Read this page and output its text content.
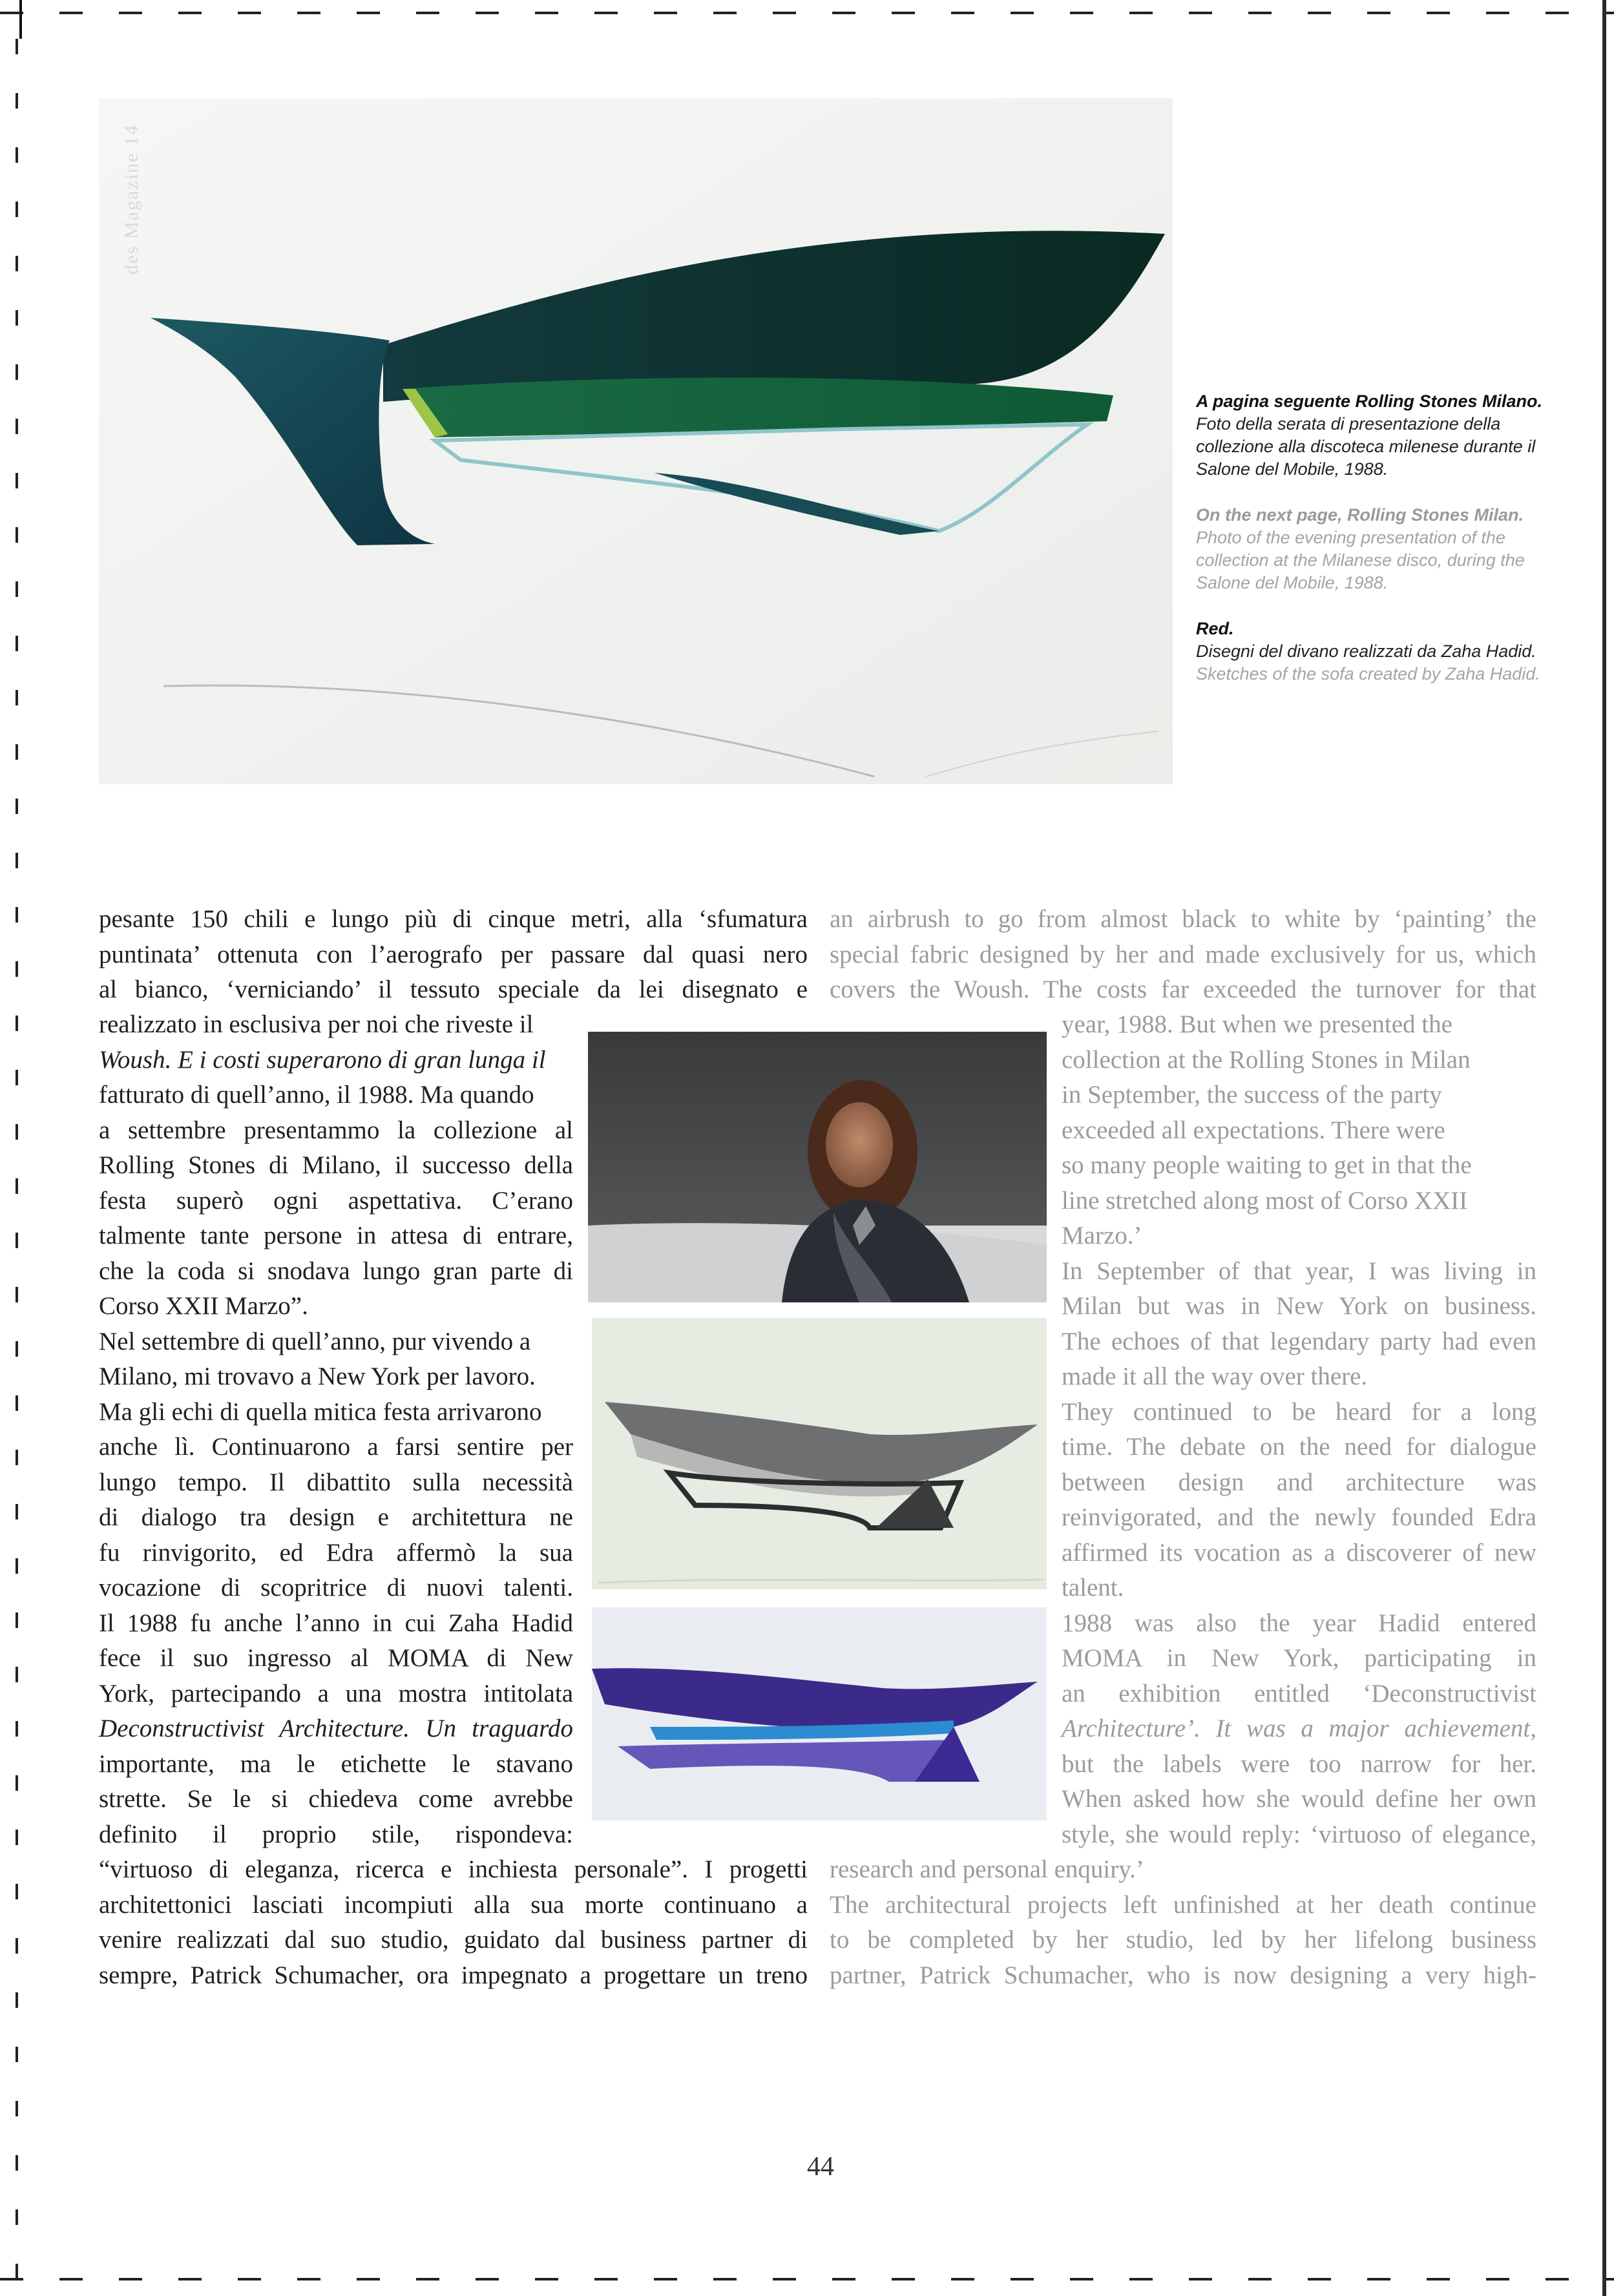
des Magazine 14
A pagina seguente Rolling Stones Milano.
Foto della serata di presentazione della collezione alla discoteca milenese durante il Salone del Mobile, 1988.
On the next page, Rolling Stones Milan.
Photo of the evening presentation of the collection at the Milanese disco, during the Salone del Mobile, 1988.
Red.
Disegni del divano realizzati da Zaha Hadid.
Sketches of the sofa created by Zaha Hadid.
pesante 150 chili e lungo più di cinque metri, alla ‘sfumatura
puntinata’ ottenuta con l’aerografo per passare dal quasi nero
al bianco, ‘verniciando’ il tessuto speciale da lei disegnato e
realizzato in esclusiva per noi che riveste il
Woush. E i costi superarono di gran lunga il
fatturato di quell’anno, il 1988. Ma quando
a settembre presentammo la collezione al
Rolling Stones di Milano, il successo della
festa superò ogni aspettativa. C’erano
talmente tante persone in attesa di entrare,
che la coda si snodava lungo gran parte di
Corso XXII Marzo”.
Nel settembre di quell’anno, pur vivendo a
Milano, mi trovavo a New York per lavoro.
Ma gli echi di quella mitica festa arrivarono
anche lì. Continuarono a farsi sentire per
lungo tempo. Il dibattito sulla necessità
di dialogo tra design e architettura ne
fu rinvigorito, ed Edra affermò la sua
vocazione di scopritrice di nuovi talenti.
Il 1988 fu anche l’anno in cui Zaha Hadid
fece il suo ingresso al MOMA di New
York, partecipando a una mostra intitolata
Deconstructivist Architecture. Un traguardo
importante, ma le etichette le stavano
strette. Se le si chiedeva come avrebbe
definito il proprio stile, rispondeva:
“virtuoso di eleganza, ricerca e inchiesta personale”. I progetti
architettonici lasciati incompiuti alla sua morte continuano a
venire realizzati dal suo studio, guidato dal business partner di
sempre, Patrick Schumacher, ora impegnato a progettare un treno
an airbrush to go from almost black to white by ‘painting’ the
special fabric designed by her and made exclusively for us, which
covers the Woush. The costs far exceeded the turnover for that
year, 1988. But when we presented the
collection at the Rolling Stones in Milan
in September, the success of the party
exceeded all expectations. There were
so many people waiting to get in that the
line stretched along most of Corso XXII
Marzo.’
In September of that year, I was living in
Milan but was in New York on business.
The echoes of that legendary party had even
made it all the way over there.
They continued to be heard for a long
time. The debate on the need for dialogue
between design and architecture was
reinvigorated, and the newly founded Edra
affirmed its vocation as a discoverer of new
talent.
1988 was also the year Hadid entered
MOMA in New York, participating in
an exhibition entitled ‘Deconstructivist
Architecture’. It was a major achievement,
but the labels were too narrow for her.
When asked how she would define her own
style, she would reply: ‘virtuoso of elegance,
research and personal enquiry.’
The architectural projects left unfinished at her death continue
to be completed by her studio, led by her lifelong business
partner, Patrick Schumacher, who is now designing a very high-
44
